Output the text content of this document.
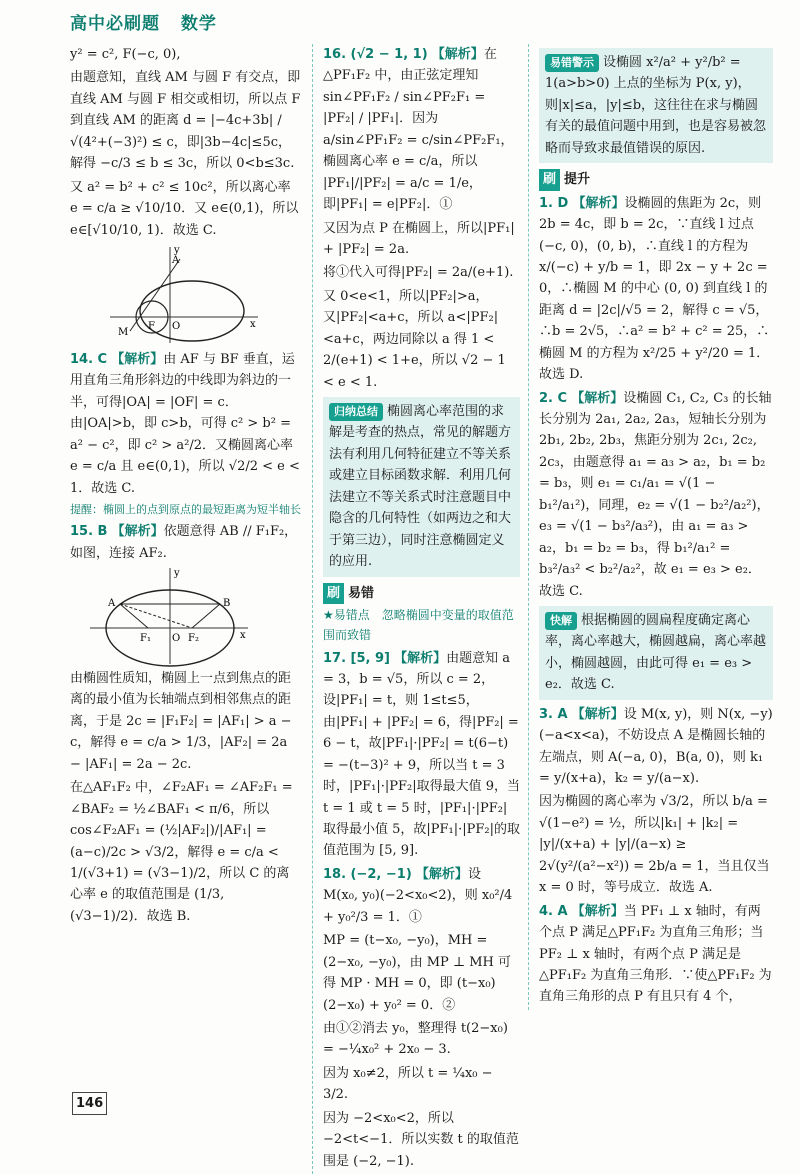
高中必刷题 数学

y² = c², F(−c, 0),

由题意知，直线 AM 与圆 F 有交点，即直线 AM 与圆 F 相交或相切，所以点 F 到直线 AM 的距离 d = |−4c+3b| / √(4²+(−3)²) ≤ c，即|3b−4c|≤5c，解得 −c/3 ≤ b ≤ 3c，所以 0<b≤3c.

又 a² = b² + c² ≤ 10c²，所以离心率 e = c/a ≥ √10/10．又 e∈(0,1)，所以 e∈[√10/10, 1)．故选 C.

A
M
F O	x
y

14. C 【解析】由 AF 与 BF 垂直，运用直角三角形斜边的中线即为斜边的一半，可得|OA| = |OF| = c．由|OA|>b，即 c>b，可得 c² > b² = a² − c²，即 c² > a²/2．又椭圆离心率 e = c/a 且 e∈(0,1)，所以 √2/2 < e < 1．故选 C.

提醒：椭圆上的点到原点的最短距离为短半轴长

15. B 【解析】依题意得 AB // F₁F₂，如图，连接 AF₂.

A	B
F₁ O F₂	x
y

由椭圆性质知，椭圆上一点到焦点的距离的最小值为长轴端点到相邻焦点的距离，于是 2c = |F₁F₂| = |AF₁| > a − c，解得 e = c/a > 1/3，|AF₂| = 2a − |AF₁| = 2a − 2c.

在△AF₁F₂ 中，∠F₂AF₁ = ∠AF₂F₁ = ∠BAF₂ = ½∠BAF₁ < π/6，所以 cos∠F₂AF₁ = (½|AF₂|)/|AF₁| = (a−c)/2c > √3/2，解得 e = c/a < 1/(√3+1) = (√3−1)/2，所以 C 的离心率 e 的取值范围是 (1/3, (√3−1)/2)．故选 B.

16. (√2 − 1, 1) 【解析】在△PF₁F₂ 中，由正弦定理知 sin∠PF₁F₂ / sin∠PF₂F₁ = |PF₂| / |PF₁|．因为 a/sin∠PF₁F₂ = c/sin∠PF₂F₁，椭圆离心率 e = c/a，所以 |PF₁|/|PF₂| = a/c = 1/e，即|PF₁| = e|PF₂|．①

又因为点 P 在椭圆上，所以|PF₁| + |PF₂| = 2a.

将①代入可得|PF₂| = 2a/(e+1).

又 0<e<1，所以|PF₂|>a，又|PF₂|<a+c，所以 a<|PF₂|<a+c，两边同除以 a 得 1 < 2/(e+1) < 1+e，所以 √2 − 1 < e < 1.

归纳总结 椭圆离心率范围的求解是考查的热点，常见的解题方法有利用几何特征建立不等关系或建立目标函数求解．利用几何法建立不等关系式时注意题目中隐含的几何特性（如两边之和大于第三边），同时注意椭圆定义的应用.
刷 易错

★易错点　忽略椭圆中变量的取值范围而致错

17. [5, 9] 【解析】由题意知 a = 3，b = √5，所以 c = 2，设|PF₁| = t，则 1≤t≤5，由|PF₁| + |PF₂| = 6，得|PF₂| = 6 − t，故|PF₁|·|PF₂| = t(6−t) = −(t−3)² + 9，所以当 t = 3 时，|PF₁|·|PF₂|取得最大值 9，当 t = 1 或 t = 5 时，|PF₁|·|PF₂|取得最小值 5，故|PF₁|·|PF₂|的取值范围为 [5, 9].

18. (−2, −1) 【解析】设 M(x₀, y₀)(−2<x₀<2)，则 x₀²/4 + y₀²/3 = 1．①

MP = (t−x₀, −y₀)，MH = (2−x₀, −y₀)，由 MP ⊥ MH 可得 MP · MH = 0，即 (t−x₀)(2−x₀) + y₀² = 0．②

由①②消去 y₀，整理得 t(2−x₀) = −¼x₀² + 2x₀ − 3.

因为 x₀≠2，所以 t = ¼x₀ − 3/2.

因为 −2<x₀<2，所以 −2<t<−1．所以实数 t 的取值范围是 (−2, −1).

易错警示 设椭圆 x²/a² + y²/b² = 1(a>b>0) 上点的坐标为 P(x, y)，则|x|≤a，|y|≤b，这往往在求与椭圆有关的最值问题中用到，也是容易被忽略而导致求最值错误的原因.
刷 提升

1. D 【解析】设椭圆的焦距为 2c，则 2b = 4c，即 b = 2c，∵直线 l 过点 (−c, 0)，(0, b)，∴直线 l 的方程为 x/(−c) + y/b = 1，即 2x − y + 2c = 0，∴椭圆 M 的中心 (0, 0) 到直线 l 的距离 d = |2c|/√5 = 2，解得 c = √5，∴b = 2√5，∴a² = b² + c² = 25，∴椭圆 M 的方程为 x²/25 + y²/20 = 1．故选 D.

2. C 【解析】设椭圆 C₁, C₂, C₃ 的长轴长分别为 2a₁, 2a₂, 2a₃，短轴长分别为 2b₁, 2b₂, 2b₃，焦距分别为 2c₁, 2c₂, 2c₃，由题意得 a₁ = a₃ > a₂，b₁ = b₂ = b₃，则 e₁ = c₁/a₁ = √(1 − b₁²/a₁²)，同理，e₂ = √(1 − b₂²/a₂²)，e₃ = √(1 − b₃²/a₃²)，由 a₁ = a₃ > a₂，b₁ = b₂ = b₃，得 b₁²/a₁² = b₃²/a₃² < b₂²/a₂²，故 e₁ = e₃ > e₂．故选 C.

快解 根据椭圆的圆扁程度确定离心率，离心率越大，椭圆越扁，离心率越小，椭圆越圆，由此可得 e₁ = e₃ > e₂．故选 C.

3. A 【解析】设 M(x, y)，则 N(x, −y)(−a<x<a)，不妨设点 A 是椭圆长轴的左端点，则 A(−a, 0)，B(a, 0)，则 k₁ = y/(x+a)，k₂ = y/(a−x).

因为椭圆的离心率为 √3/2，所以 b/a = √(1−e²) = ½，所以|k₁| + |k₂| = |y|/(x+a) + |y|/(a−x) ≥ 2√(y²/(a²−x²)) = 2b/a = 1，当且仅当 x = 0 时，等号成立．故选 A.

4. A 【解析】当 PF₁ ⊥ x 轴时，有两个点 P 满足△PF₁F₂ 为直角三角形；当 PF₂ ⊥ x 轴时，有两个点 P 满足是△PF₁F₂ 为直角三角形．∵使△PF₁F₂ 为直角三角形的点 P 有且只有 4 个，

146
